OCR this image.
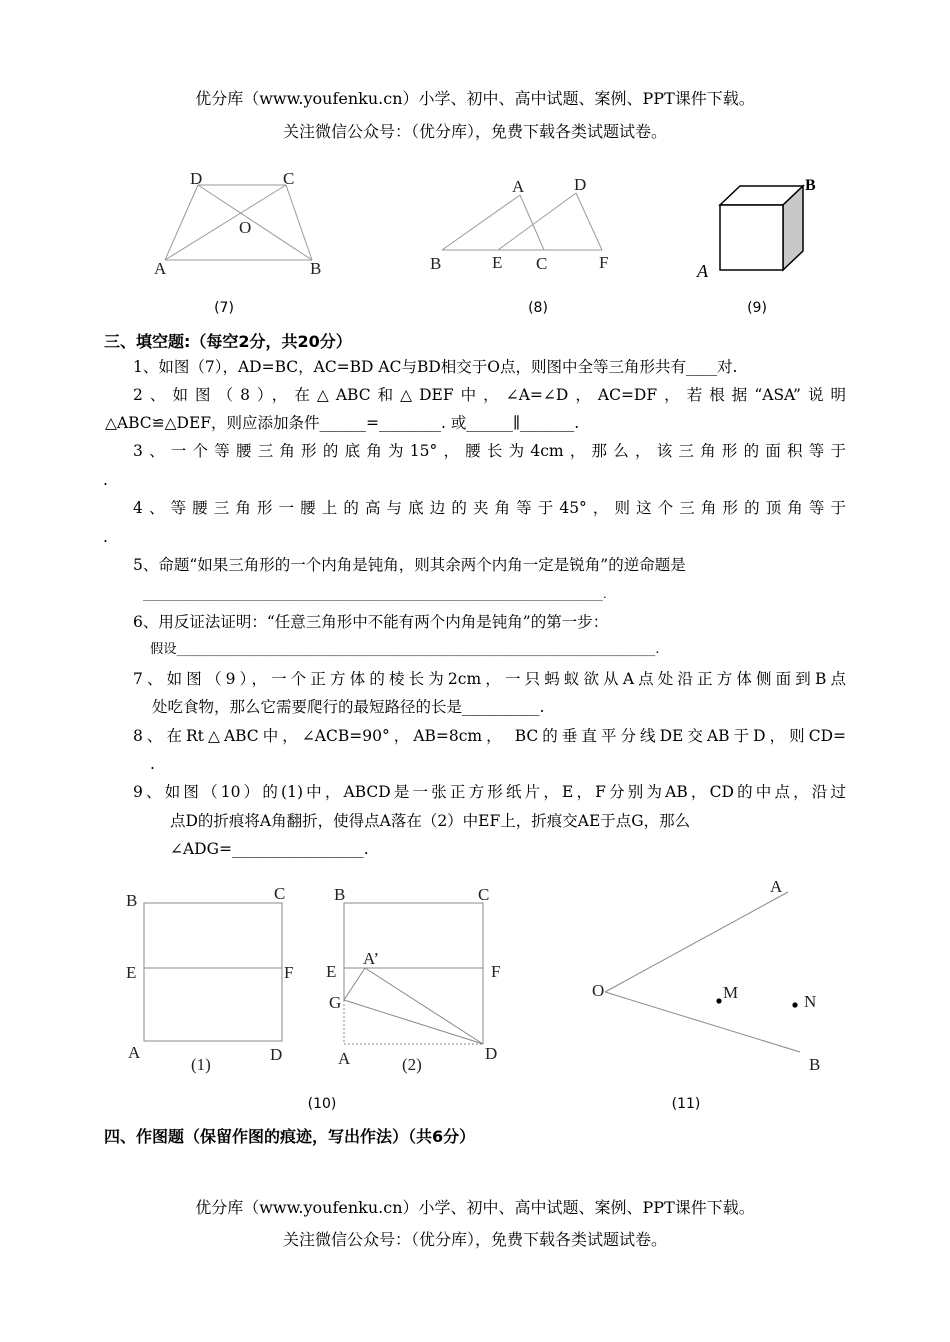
优分库（www.youfenku.cn）小学、初中、高中试题、案例、PPT课件下载。
关注微信公众号：（优分库），免费下载各类试题试卷。
A	B
C
D
O
(7)
A	D
B	E C	F
(8)
A
B
(9)
三、填空题:（每空2分，共20分）
1、如图（7），AD=BC，AC=BD AC与BD相交于O点，则图中全等三角形共有____对.
2、如图（8），在△ABC和△DEF中，∠A=∠D，AC=DF，若根据“ASA”说明
△ABC≌△DEF，则应添加条件______=________. 或______∥_______.
3、一个等腰三角形的底角为15°，腰长为4cm，那么，该三角形的面积等于
.
4、等腰三角形一腰上的高与底边的夹角等于45°，则这个三角形的顶角等于
.
5、命题“如果三角形的一个内角是钝角，则其余两个内角一定是锐角”的逆命题是
________________________________________________________________________________.
6、用反证法证明：“任意三角形中不能有两个内角是钝角”的第一步：
假设________________________________________________________________________.
7、如图（9），一个正方体的棱长为2cm，一只蚂蚁欲从A点处沿正方体侧面到B点
处吃食物，那么它需要爬行的最短路径的长是__________.
8、在Rt△ABC中，∠ACB=90°，AB=8cm， BC的垂直平分线DE交AB于D，则CD=
.
9、如图（10）的(1)中，ABCD是一张正方形纸片，E，F分别为AB，CD的中点，沿过
点D的折痕将A角翻折，使得点A落在（2）中EF上，折痕交AE于点G，那么
∠ADG=_________________.
B	C
E	F
A	D
(1)
B	C
A’
E	F
G
A	D
(2)
(10)
A
O	M	N
B
(11)
四、作图题（保留作图的痕迹，写出作法）（共6分）
优分库（www.youfenku.cn）小学、初中、高中试题、案例、PPT课件下载。
关注微信公众号：（优分库），免费下载各类试题试卷。
